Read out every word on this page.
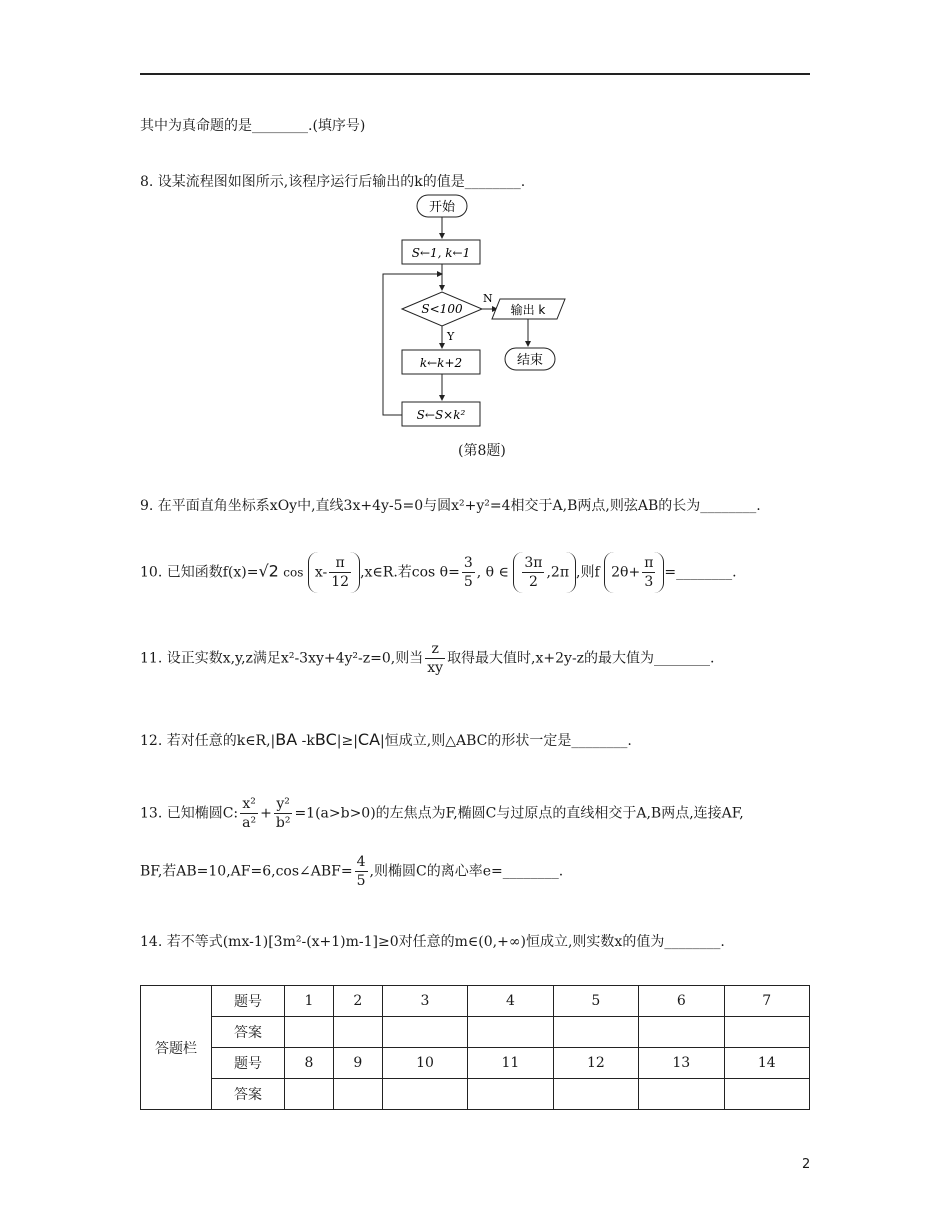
其中为真命题的是________.(填序号)
8. 设某流程图如图所示,该程序运行后输出的k的值是________.
开始
S←1, k←1
S<100
N
输出 k
结束
Y
k←k+2
S←S×k²
(第8题)
9. 在平面直角坐标系xOy中,直线3x+4y-5=0与圆x²+y²=4相交于A,B两点,则弦AB的长为________.
10. 已知函数f(x)=√2 $\cos x- \frac{\pi}{12}$ ,x∈R.若$\cos \theta= \frac{3}{5}$ , θ ∈ $\frac{3\pi}{2} ,2\pi$ ,则f $2\theta+ \frac{\pi}{3}$ =________.
11. 设正实数x,y,z满足x²-3xy+4y²-z=0,则当 $\frac{z}{xy}$ 取得最大值时,x+2y-z的最大值为________.
12. 若对任意的k∈R,|BA -kBC|≥|CA|恒成立,则△ABC的形状一定是________.
13. 已知椭圆C: $\frac{\text{x²}}{\text{a²}} + \frac{\text{y²}}{\text{b²}} =1(a>b>0)$的左焦点为F,椭圆C与过原点的直线相交于A,B两点,连接AF,
BF,若AB=10,AF=6,cos∠ABF= $\frac{4}{5}$ ,则椭圆C的离心率e=________.
14. 若不等式(mx-1)[3m²-(x+1)m-1]≥0对任意的m∈(0,+∞)恒成立,则实数x的值为________.
答题栏	题号	1	2	3	4	5	6	7
	答案							
	题号	8	9	10	11	12	13	14
	答案							
2
